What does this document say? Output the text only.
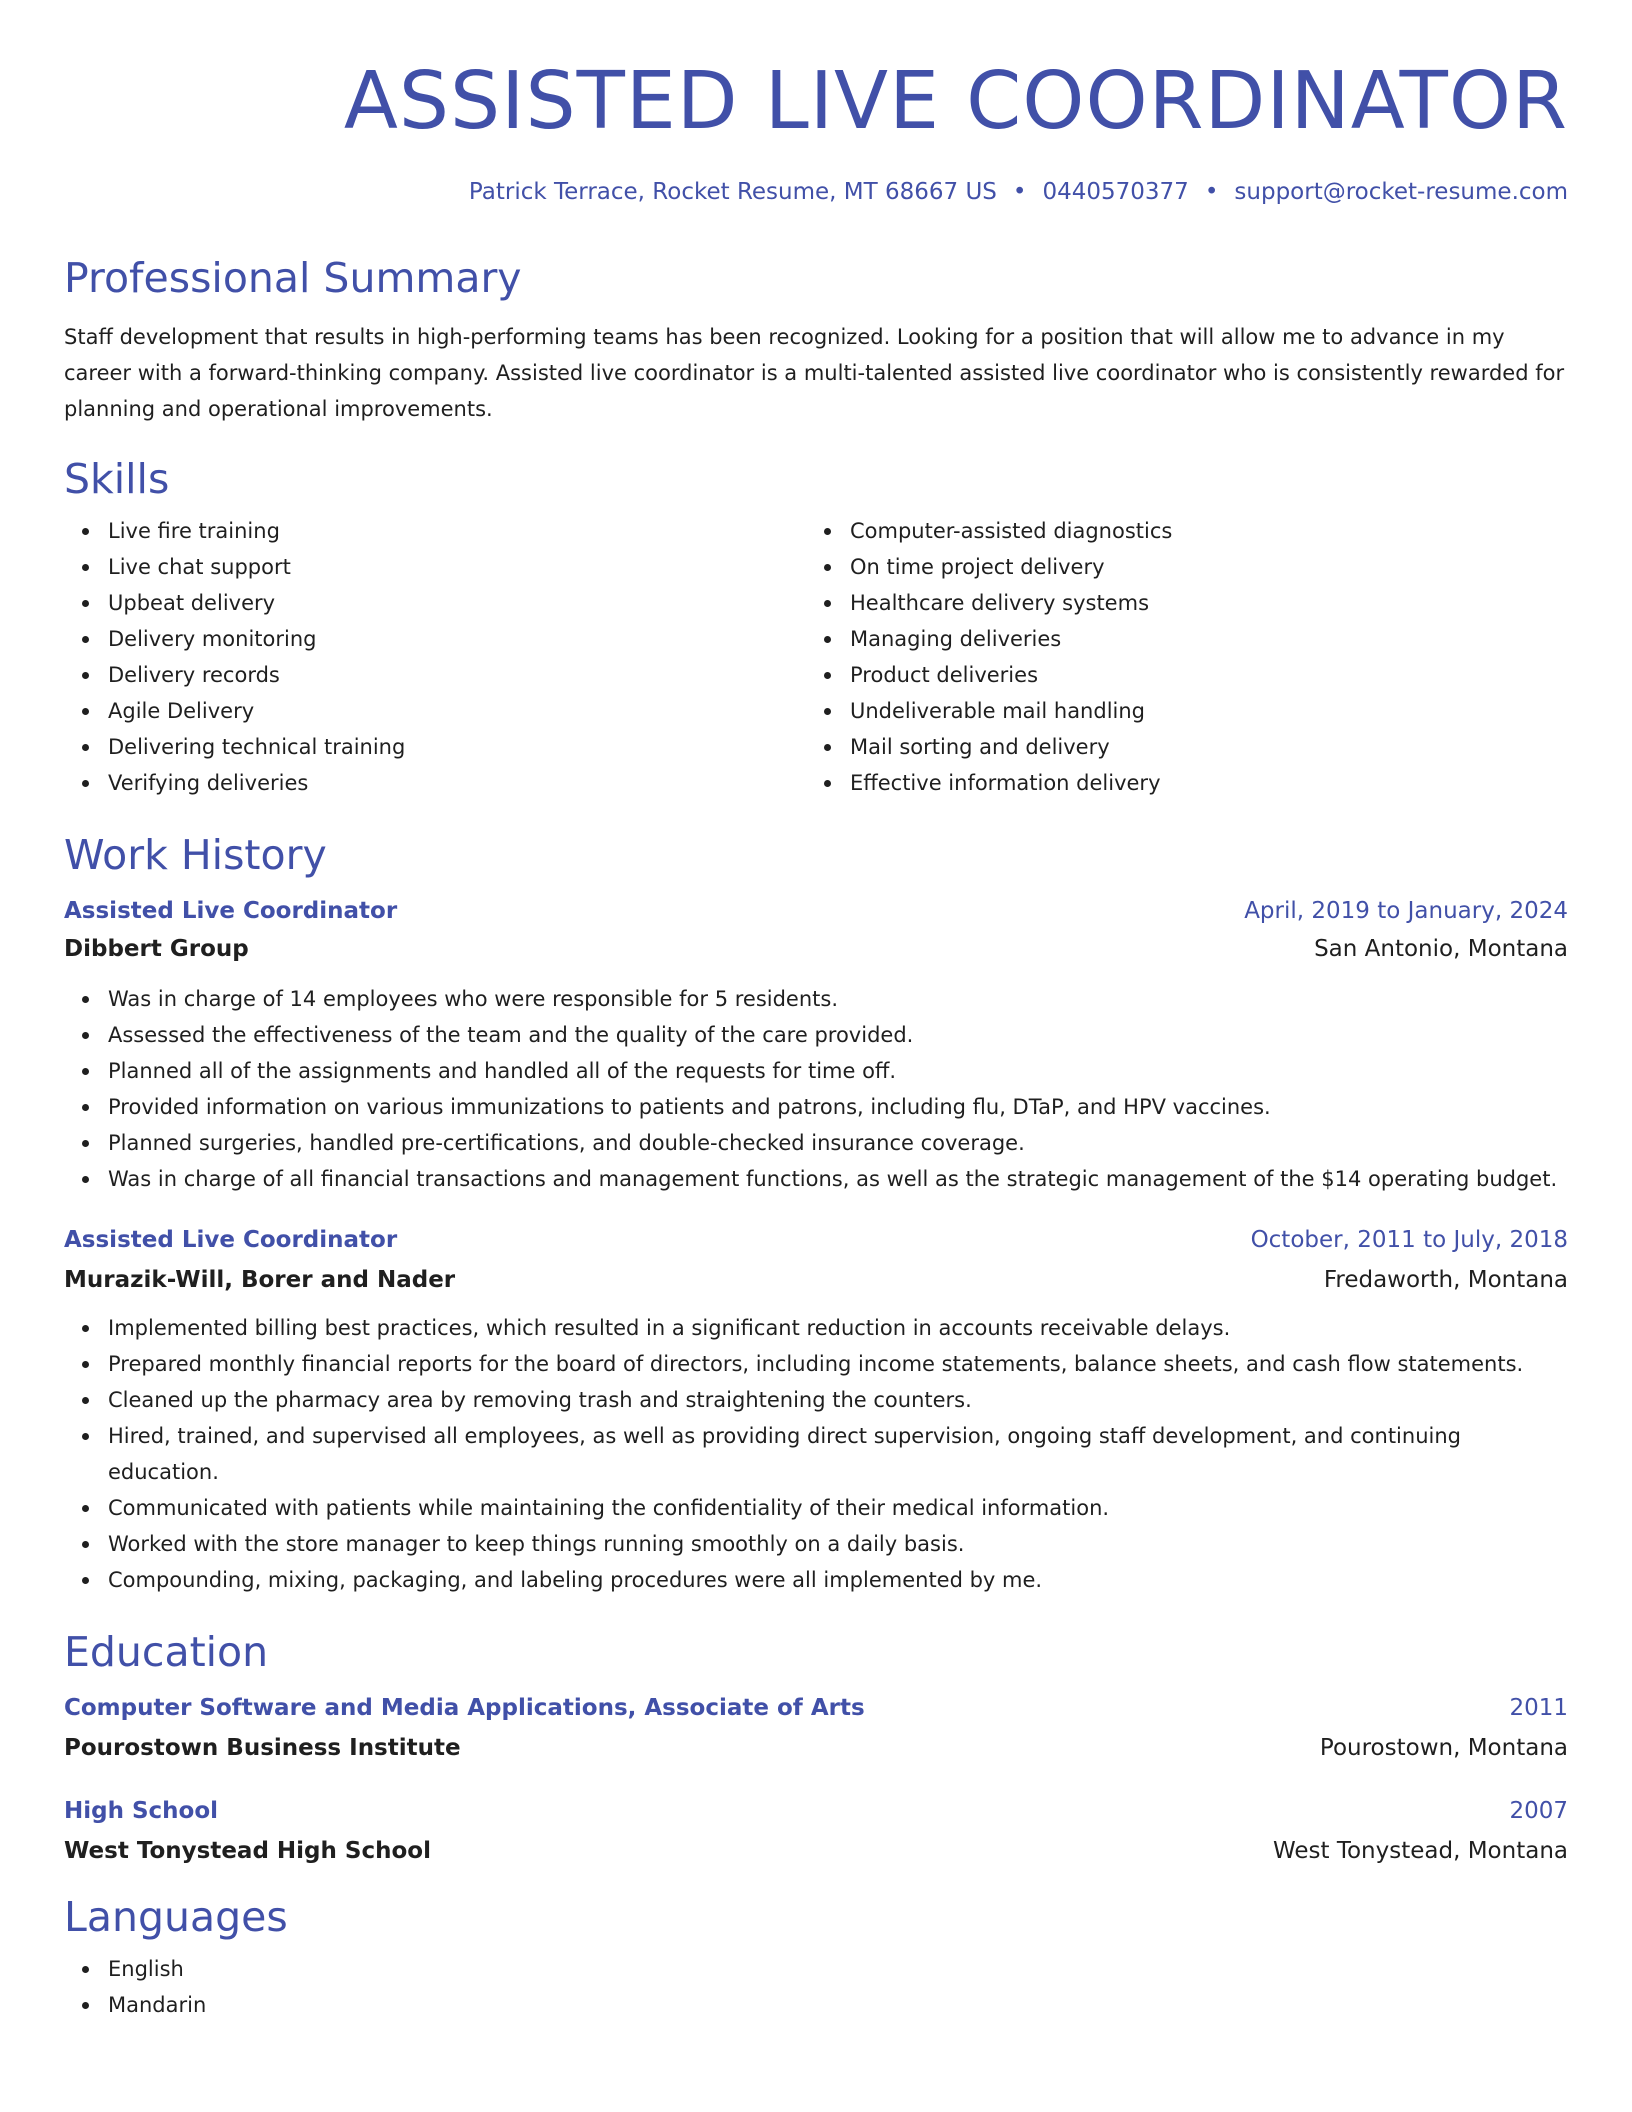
ASSISTED LIVE COORDINATOR
Patrick Terrace, Rocket Resume, MT 68667 US • 0440570377 • support@rocket-resume.com
Professional Summary

Staff development that results in high-performing teams has been recognized. Looking for a position that will allow me to advance in my career with a forward-thinking company. Assisted live coordinator is a multi-talented assisted live coordinator who is consistently rewarded for planning and operational improvements.

Skills
Live fire training
Live chat support
Upbeat delivery
Delivery monitoring
Delivery records
Agile Delivery
Delivering technical training
Verifying deliveries
Computer-assisted diagnostics
On time project delivery
Healthcare delivery systems
Managing deliveries
Product deliveries
Undeliverable mail handling
Mail sorting and delivery
Effective information delivery
Work History
Assisted Live Coordinator	April, 2019 to January, 2024
Dibbert Group	San Antonio, Montana
Was in charge of 14 employees who were responsible for 5 residents.
Assessed the effectiveness of the team and the quality of the care provided.
Planned all of the assignments and handled all of the requests for time off.
Provided information on various immunizations to patients and patrons, including flu, DTaP, and HPV vaccines.
Planned surgeries, handled pre-certifications, and double-checked insurance coverage.
Was in charge of all financial transactions and management functions, as well as the strategic management of the $14 operating budget.
Assisted Live Coordinator	October, 2011 to July, 2018
Murazik-Will, Borer and Nader	Fredaworth, Montana
Implemented billing best practices, which resulted in a significant reduction in accounts receivable delays.
Prepared monthly financial reports for the board of directors, including income statements, balance sheets, and cash flow statements.
Cleaned up the pharmacy area by removing trash and straightening the counters.
Hired, trained, and supervised all employees, as well as providing direct supervision, ongoing staff development, and continuing education.
Communicated with patients while maintaining the confidentiality of their medical information.
Worked with the store manager to keep things running smoothly on a daily basis.
Compounding, mixing, packaging, and labeling procedures were all implemented by me.
Education
Computer Software and Media Applications, Associate of Arts	2011
Pourostown Business Institute	Pourostown, Montana
High School	2007
West Tonystead High School	West Tonystead, Montana
Languages
English
Mandarin
